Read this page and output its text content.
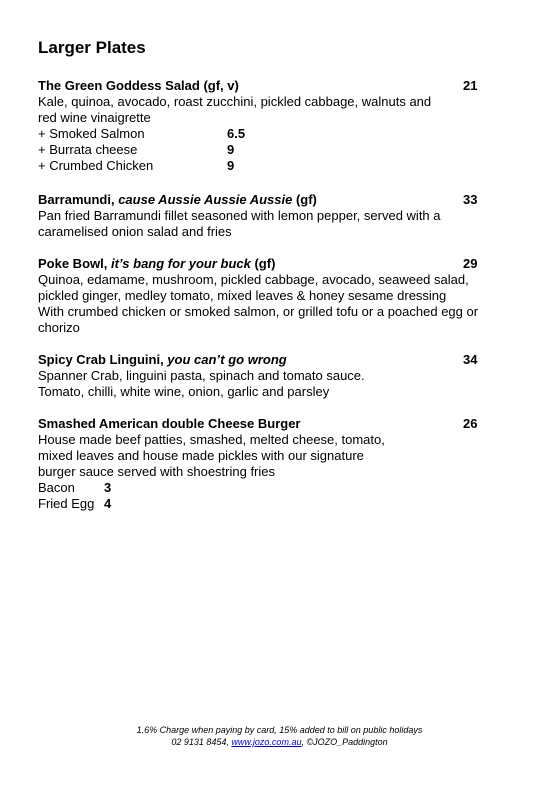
Larger Plates
The Green Goddess Salad (gf, v)	21
Kale, quinoa, avocado, roast zucchini, pickled cabbage, walnuts and
red wine vinaigrette
+ Smoked Salmon	6.5
+ Burrata cheese	9
+ Crumbed Chicken	9
Barramundi, cause Aussie Aussie Aussie (gf)	33
Pan fried Barramundi fillet seasoned with lemon pepper, served with a
caramelised onion salad and fries
Poke Bowl, it’s bang for your buck (gf)	29
Quinoa, edamame, mushroom, pickled cabbage, avocado, seaweed salad,
pickled ginger, medley tomato, mixed leaves & honey sesame dressing
With crumbed chicken or smoked salmon, or grilled tofu or a poached egg or
chorizo
Spicy Crab Linguini, you can’t go wrong	34
Spanner Crab, linguini pasta, spinach and tomato sauce.
Tomato, chilli, white wine, onion, garlic and parsley
Smashed American double Cheese Burger	26
House made beef patties, smashed, melted cheese, tomato,
mixed leaves and house made pickles with our signature
burger sauce served with shoestring fries
Bacon 3
Fried Egg 4
1.6% Charge when paying by card, 15% added to bill on public holidays
02 9131 8454, www.jozo.com.au, ©JOZO_Paddington
